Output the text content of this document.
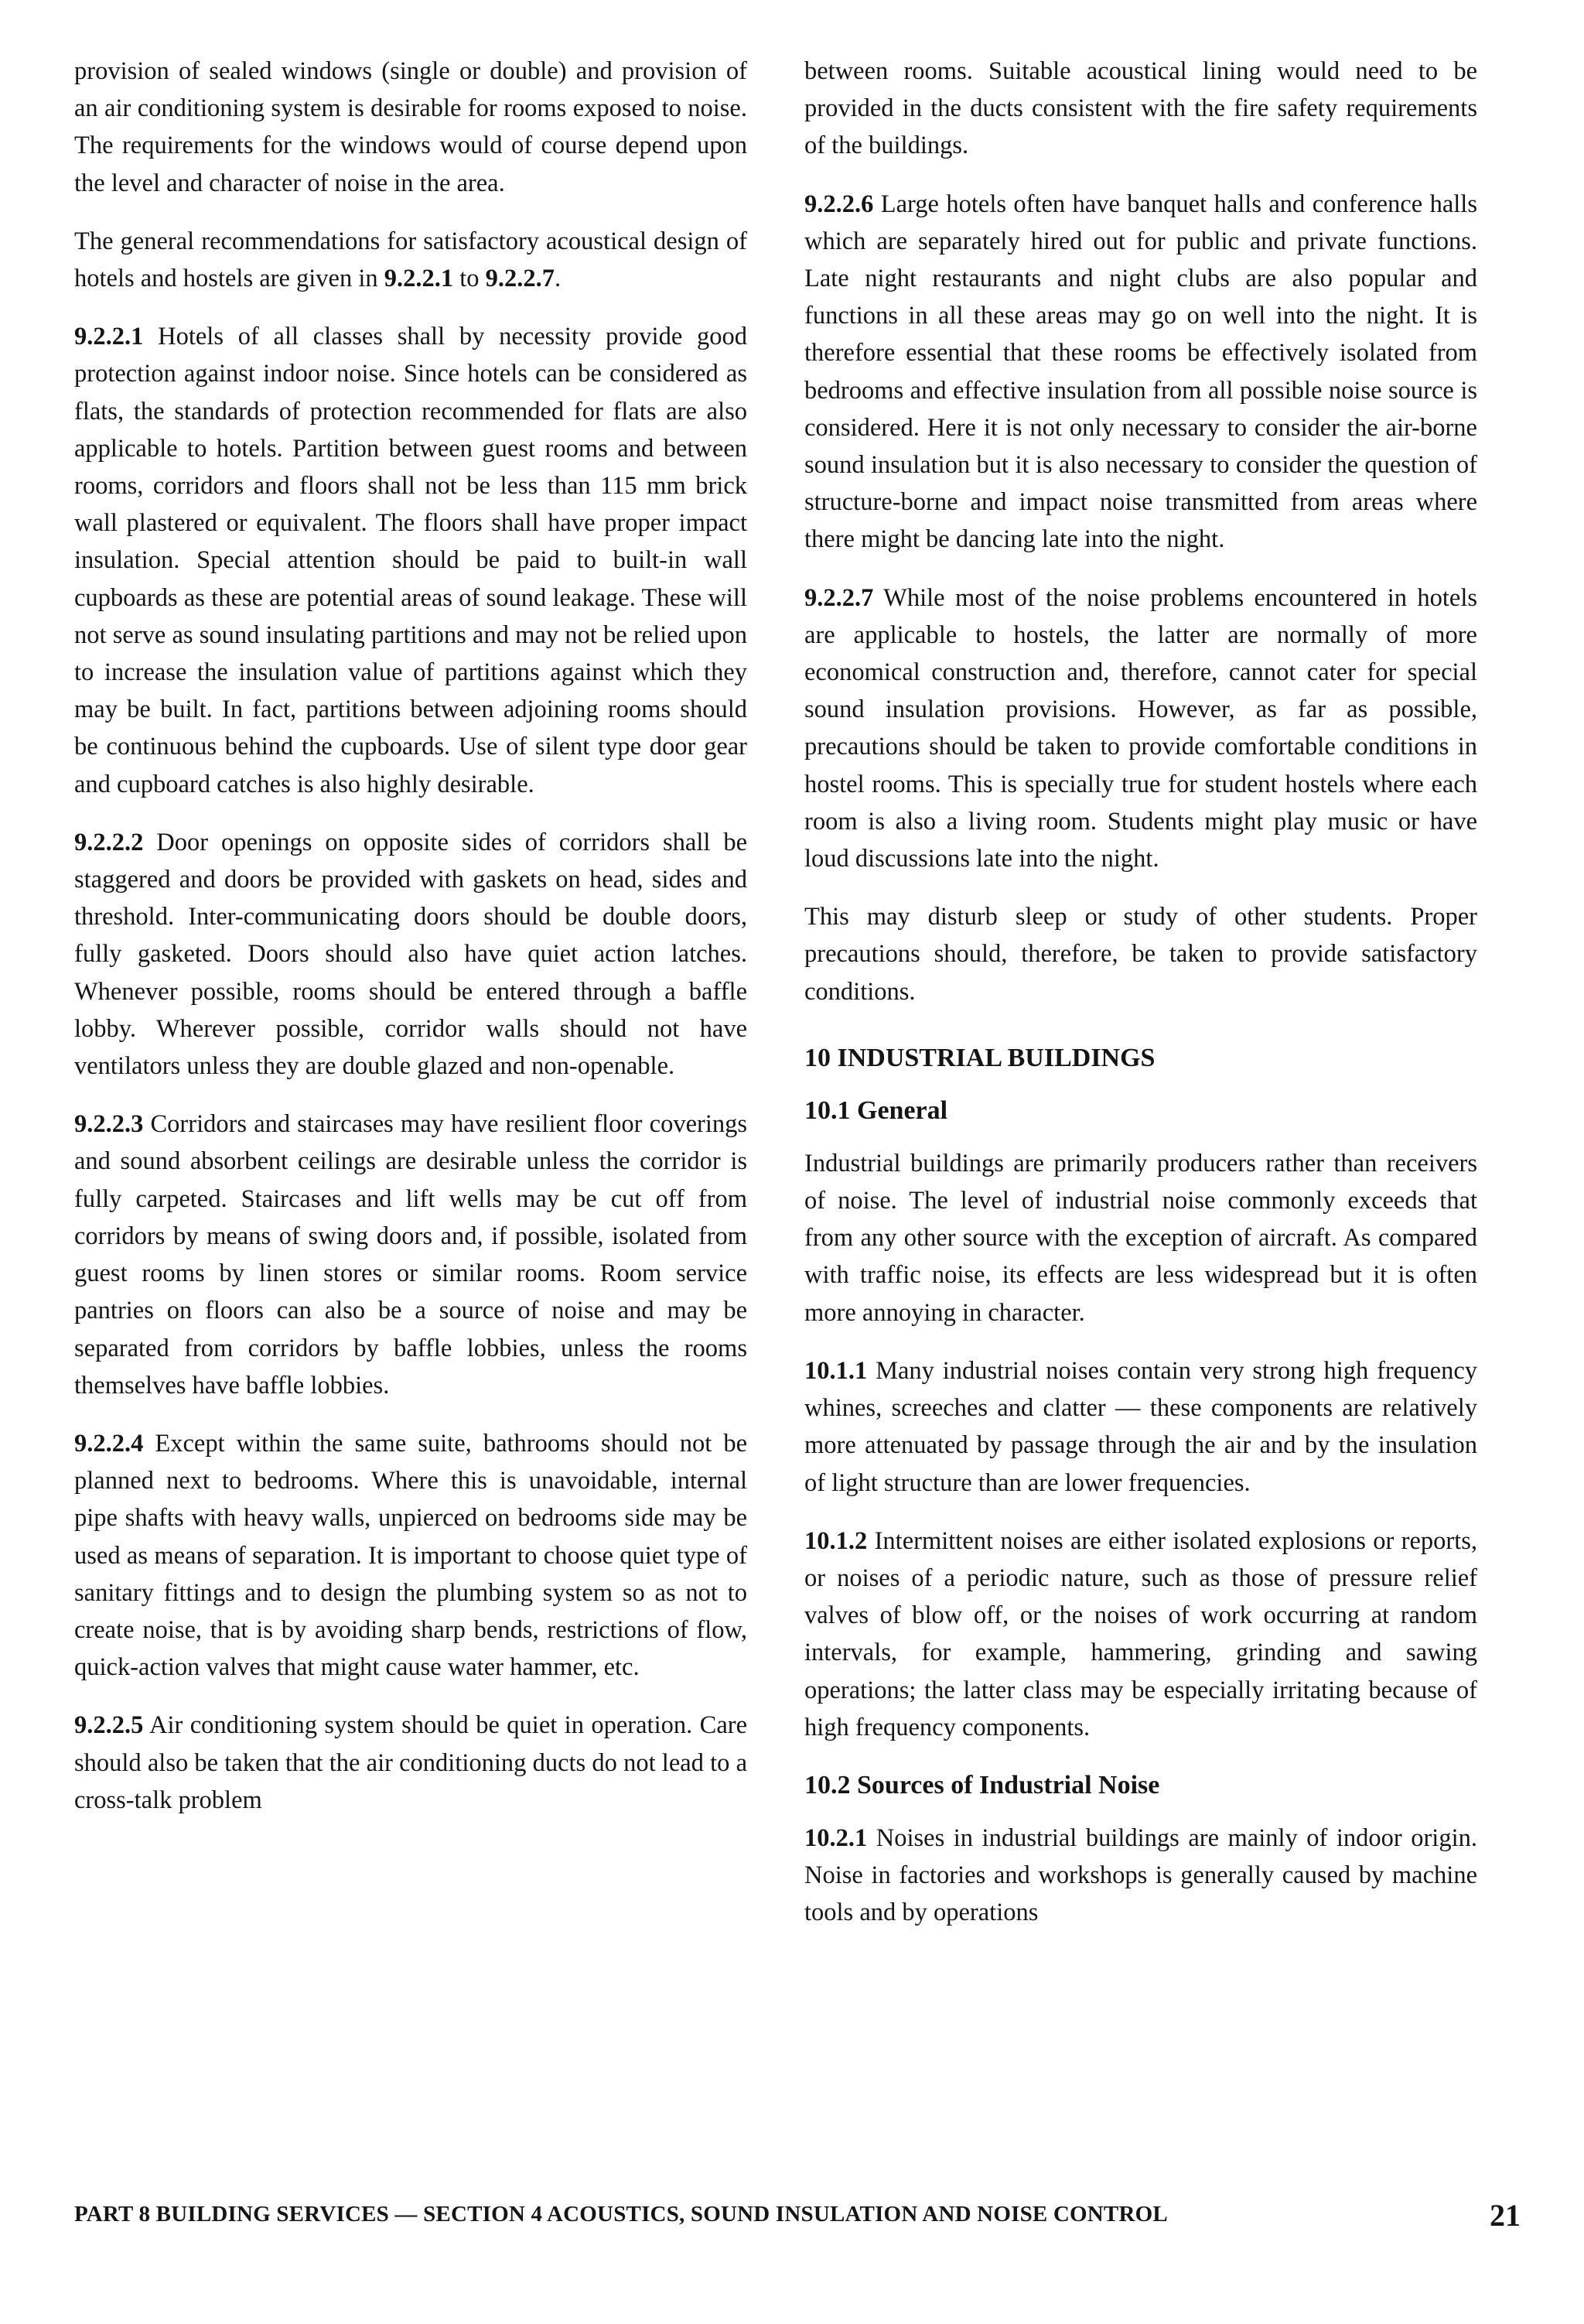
provision of sealed windows (single or double) and provision of an air conditioning system is desirable for rooms exposed to noise. The requirements for the windows would of course depend upon the level and character of noise in the area.

The general recommendations for satisfactory acoustical design of hotels and hostels are given in 9.2.2.1 to 9.2.2.7.

9.2.2.1 Hotels of all classes shall by necessity provide good protection against indoor noise. Since hotels can be considered as flats, the standards of protection recommended for flats are also applicable to hotels. Partition between guest rooms and between rooms, corridors and floors shall not be less than 115 mm brick wall plastered or equivalent. The floors shall have proper impact insulation. Special attention should be paid to built-in wall cupboards as these are potential areas of sound leakage. These will not serve as sound insulating partitions and may not be relied upon to increase the insulation value of partitions against which they may be built. In fact, partitions between adjoining rooms should be continuous behind the cupboards. Use of silent type door gear and cupboard catches is also highly desirable.

9.2.2.2 Door openings on opposite sides of corridors shall be staggered and doors be provided with gaskets on head, sides and threshold. Inter-communicating doors should be double doors, fully gasketed. Doors should also have quiet action latches. Whenever possible, rooms should be entered through a baffle lobby. Wherever possible, corridor walls should not have ventilators unless they are double glazed and non-openable.

9.2.2.3 Corridors and staircases may have resilient floor coverings and sound absorbent ceilings are desirable unless the corridor is fully carpeted. Staircases and lift wells may be cut off from corridors by means of swing doors and, if possible, isolated from guest rooms by linen stores or similar rooms. Room service pantries on floors can also be a source of noise and may be separated from corridors by baffle lobbies, unless the rooms themselves have baffle lobbies.

9.2.2.4 Except within the same suite, bathrooms should not be planned next to bedrooms. Where this is unavoidable, internal pipe shafts with heavy walls, unpierced on bedrooms side may be used as means of separation. It is important to choose quiet type of sanitary fittings and to design the plumbing system so as not to create noise, that is by avoiding sharp bends, restrictions of flow, quick-action valves that might cause water hammer, etc.

9.2.2.5 Air conditioning system should be quiet in operation. Care should also be taken that the air conditioning ducts do not lead to a cross-talk problem

between rooms. Suitable acoustical lining would need to be provided in the ducts consistent with the fire safety requirements of the buildings.

9.2.2.6 Large hotels often have banquet halls and conference halls which are separately hired out for public and private functions. Late night restaurants and night clubs are also popular and functions in all these areas may go on well into the night. It is therefore essential that these rooms be effectively isolated from bedrooms and effective insulation from all possible noise source is considered. Here it is not only necessary to consider the air-borne sound insulation but it is also necessary to consider the question of structure-borne and impact noise transmitted from areas where there might be dancing late into the night.

9.2.2.7 While most of the noise problems encountered in hotels are applicable to hostels, the latter are normally of more economical construction and, therefore, cannot cater for special sound insulation provisions. However, as far as possible, precautions should be taken to provide comfortable conditions in hostel rooms. This is specially true for student hostels where each room is also a living room. Students might play music or have loud discussions late into the night.

This may disturb sleep or study of other students. Proper precautions should, therefore, be taken to provide satisfactory conditions.

10 INDUSTRIAL BUILDINGS
10.1 General

Industrial buildings are primarily producers rather than receivers of noise. The level of industrial noise commonly exceeds that from any other source with the exception of aircraft. As compared with traffic noise, its effects are less widespread but it is often more annoying in character.

10.1.1 Many industrial noises contain very strong high frequency whines, screeches and clatter — these components are relatively more attenuated by passage through the air and by the insulation of light structure than are lower frequencies.

10.1.2 Intermittent noises are either isolated explosions or reports, or noises of a periodic nature, such as those of pressure relief valves of blow off, or the noises of work occurring at random intervals, for example, hammering, grinding and sawing operations; the latter class may be especially irritating because of high frequency components.

10.2 Sources of Industrial Noise

10.2.1 Noises in industrial buildings are mainly of indoor origin. Noise in factories and workshops is generally caused by machine tools and by operations

PART 8 BUILDING SERVICES — SECTION 4 ACOUSTICS, SOUND INSULATION AND NOISE CONTROL	21
